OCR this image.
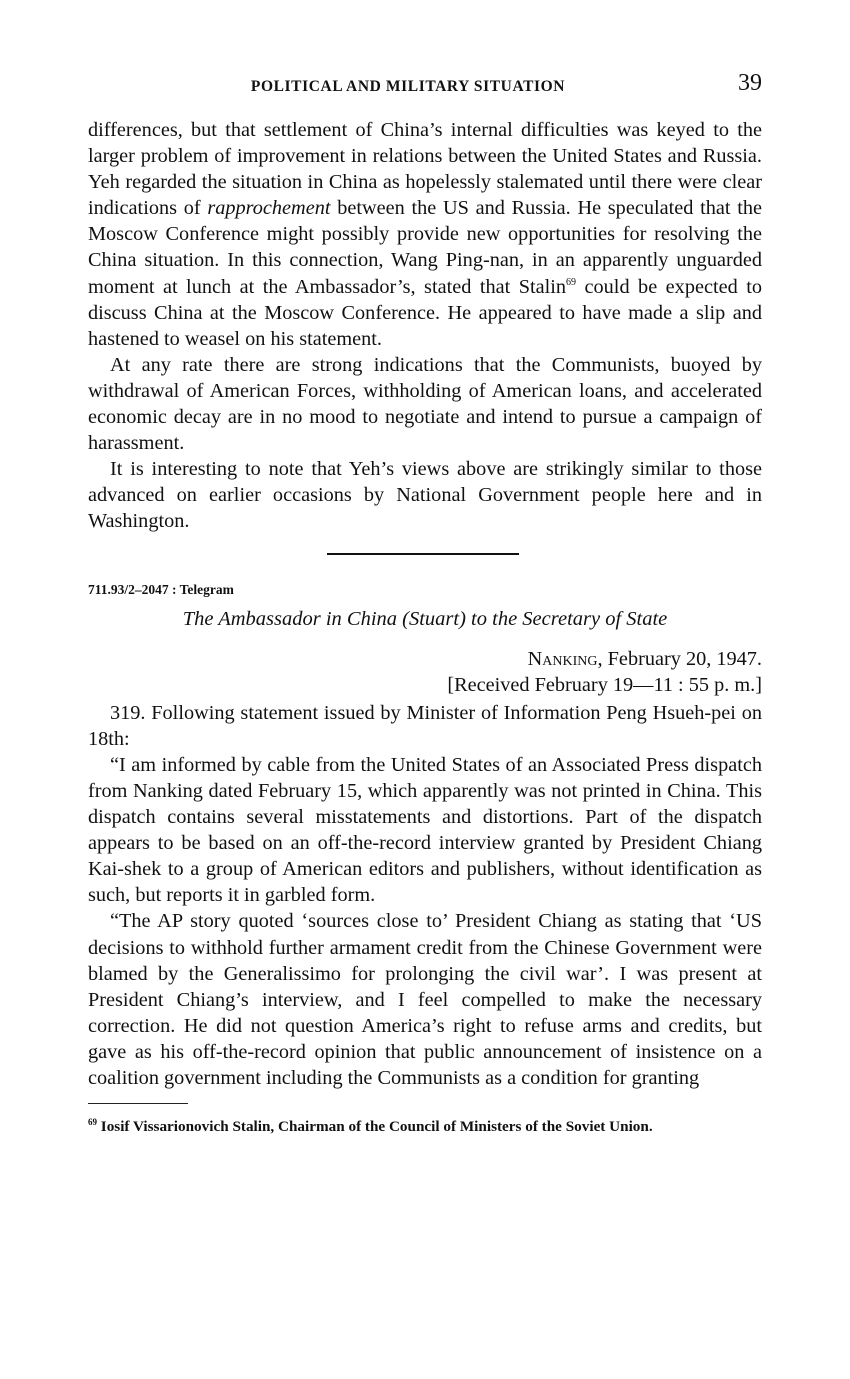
POLITICAL AND MILITARY SITUATION	39

differences, but that settlement of China’s internal difficulties was keyed to the larger problem of improvement in relations between the United States and Russia. Yeh regarded the situation in China as hopelessly stalemated until there were clear indications of rapprochement between the US and Russia. He speculated that the Moscow Conference might possibly provide new opportunities for resolving the China situation. In this connection, Wang Ping-nan, in an apparently unguarded moment at lunch at the Ambassador’s, stated that Stalin$^{69}$ could be expected to discuss China at the Moscow Conference. He appeared to have made a slip and hastened to weasel on his statement.

At any rate there are strong indications that the Communists, buoyed by withdrawal of American Forces, withholding of American loans, and accelerated economic decay are in no mood to negotiate and intend to pursue a campaign of harassment.

It is interesting to note that Yeh’s views above are strikingly similar to those advanced on earlier occasions by National Government people here and in Washington.

711.93/2–2047 : Telegram
The Ambassador in China (Stuart) to the Secretary of State
Nanking, February 20, 1947.
[Received February 19—11 : 55 p. m.]

319. Following statement issued by Minister of Information Peng Hsueh-pei on 18th:

“I am informed by cable from the United States of an Associated Press dispatch from Nanking dated February 15, which apparently was not printed in China. This dispatch contains several misstatements and distortions. Part of the dispatch appears to be based on an off-the-record interview granted by President Chiang Kai-shek to a group of American editors and publishers, without identification as such, but reports it in garbled form.

“The AP story quoted ‘sources close to’ President Chiang as stating that ‘US decisions to withhold further armament credit from the Chinese Government were blamed by the Generalissimo for prolonging the civil war’. I was present at President Chiang’s interview, and I feel compelled to make the necessary correction. He did not question America’s right to refuse arms and credits, but gave as his off-the-record opinion that public announcement of insistence on a coalition government including the Communists as a condition for granting

$^{69}$ Iosif Vissarionovich Stalin, Chairman of the Council of Ministers of the Soviet Union.
